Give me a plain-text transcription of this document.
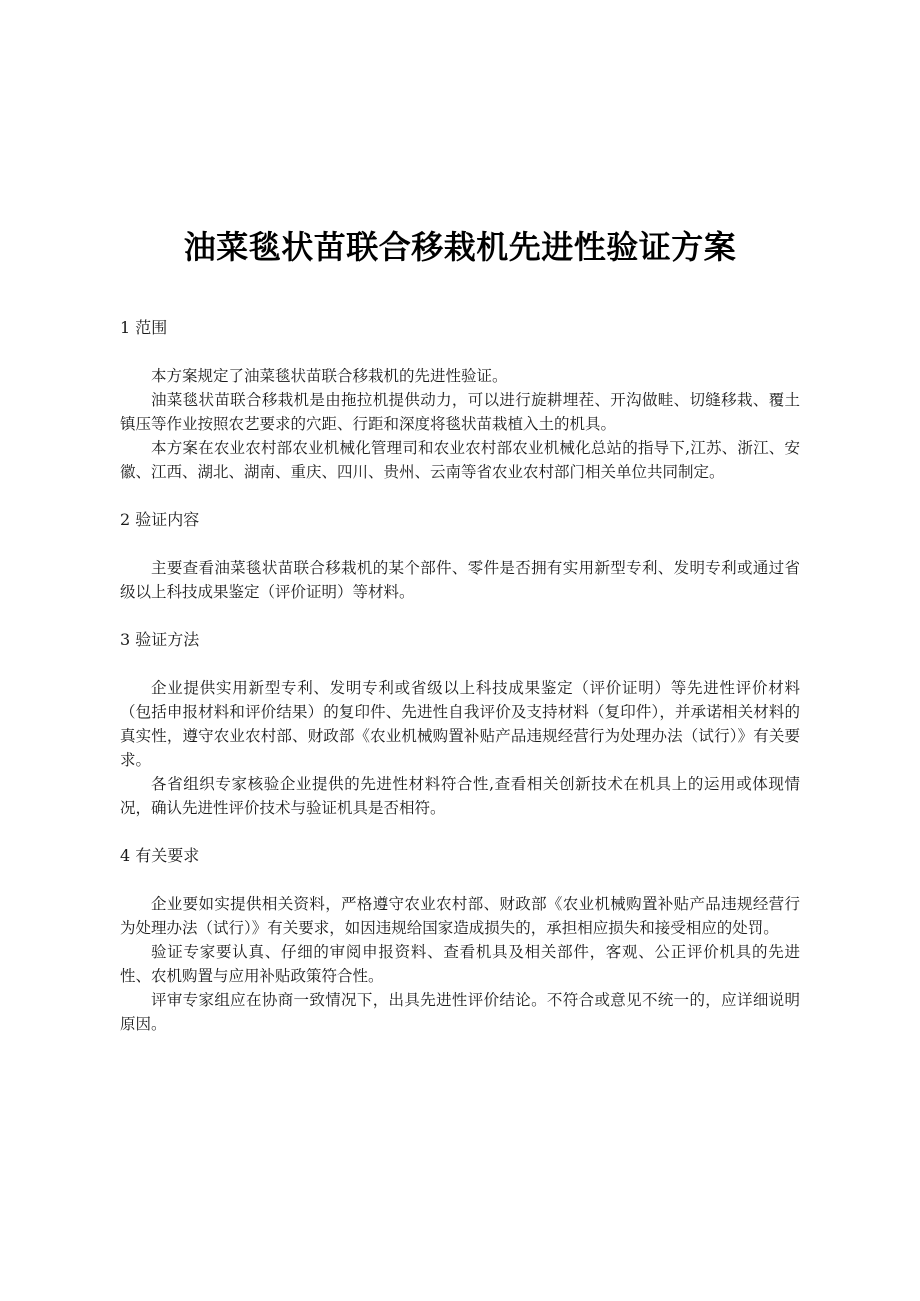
油菜毯状苗联合移栽机先进性验证方案
1 范围

本方案规定了油菜毯状苗联合移栽机的先进性验证。

油菜毯状苗联合移栽机是由拖拉机提供动力，可以进行旋耕埋茬、开沟做畦、切缝移栽、覆土镇压等作业按照农艺要求的穴距、行距和深度将毯状苗栽植入土的机具。

本方案在农业农村部农业机械化管理司和农业农村部农业机械化总站的指导下,江苏、浙江、安徽、江西、湖北、湖南、重庆、四川、贵州、云南等省农业农村部门相关单位共同制定。

2 验证内容

主要查看油菜毯状苗联合移栽机的某个部件、零件是否拥有实用新型专利、发明专利或通过省级以上科技成果鉴定（评价证明）等材料。

3 验证方法

企业提供实用新型专利、发明专利或省级以上科技成果鉴定（评价证明）等先进性评价材料（包括申报材料和评价结果）的复印件、先进性自我评价及支持材料（复印件），并承诺相关材料的真实性，遵守农业农村部、财政部《农业机械购置补贴产品违规经营行为处理办法（试行）》有关要求。

各省组织专家核验企业提供的先进性材料符合性,查看相关创新技术在机具上的运用或体现情况，确认先进性评价技术与验证机具是否相符。

4 有关要求

企业要如实提供相关资料，严格遵守农业农村部、财政部《农业机械购置补贴产品违规经营行为处理办法（试行）》有关要求，如因违规给国家造成损失的，承担相应损失和接受相应的处罚。

验证专家要认真、仔细的审阅申报资料、查看机具及相关部件，客观、公正评价机具的先进性、农机购置与应用补贴政策符合性。

评审专家组应在协商一致情况下，出具先进性评价结论。不符合或意见不统一的，应详细说明原因。
